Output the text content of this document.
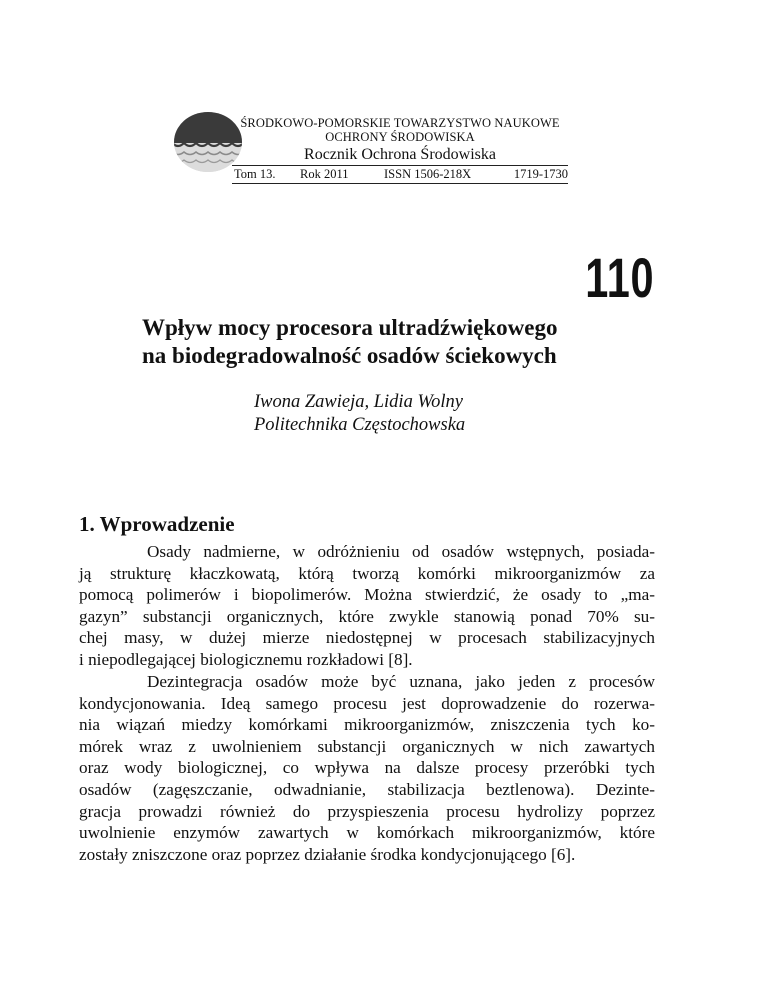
ŚRODKOWO-POMORSKIE TOWARZYSTWO NAUKOWE
OCHRONY ŚRODOWISKA
Rocznik Ochrona Środowiska
Tom 13. Rok 2011	ISSN 1506-218X	1719-1730
110
Wpływ mocy procesora ultradźwiękowego
na biodegradowalność osadów ściekowych

Iwona Zawieja, Lidia Wolny

Politechnika Częstochowska

1. Wprowadzenie
Osady nadmierne, w odróżnieniu od osadów wstępnych, posiada-
ją strukturę kłaczkowatą, którą tworzą komórki mikroorganizmów za
pomocą polimerów i biopolimerów. Można stwierdzić, że osady to „ma-
gazyn” substancji organicznych, które zwykle stanowią ponad 70% su-
chej masy, w dużej mierze niedostępnej w procesach stabilizacyjnych
i niepodlegającej biologicznemu rozkładowi [8].
Dezintegracja osadów może być uznana, jako jeden z procesów
kondycjonowania. Ideą samego procesu jest doprowadzenie do rozerwa-
nia wiązań miedzy komórkami mikroorganizmów, zniszczenia tych ko-
mórek wraz z uwolnieniem substancji organicznych w nich zawartych
oraz wody biologicznej, co wpływa na dalsze procesy przeróbki tych
osadów (zagęszczanie, odwadnianie, stabilizacja beztlenowa). Dezinte-
gracja prowadzi również do przyspieszenia procesu hydrolizy poprzez
uwolnienie enzymów zawartych w komórkach mikroorganizmów, które
zostały zniszczone oraz poprzez działanie środka kondycjonującego [6].
